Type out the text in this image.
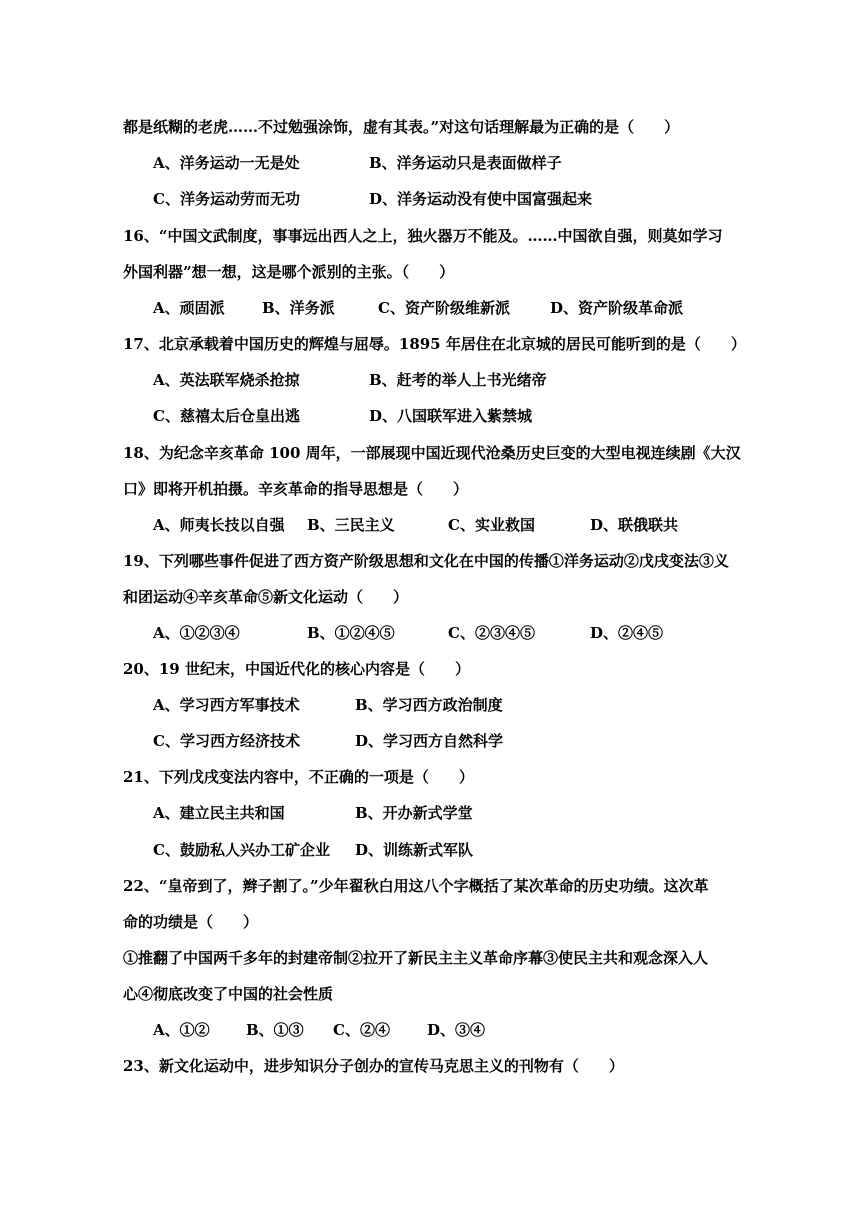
都是纸糊的老虎……不过勉强涂饰，虚有其表。”对这句话理解最为正确的是（　　）
A、洋务运动一无是处	B、洋务运动只是表面做样子
C、洋务运动劳而无功	D、洋务运动没有使中国富强起来
16、“中国文武制度，事事远出西人之上，独火器万不能及。……中国欲自强，则莫如学习
外国利器”想一想，这是哪个派别的主张。（　　）
A、顽固派 B、洋务派	C、资产阶级维新派	D、资产阶级革命派
17、北京承载着中国历史的辉煌与屈辱。1895 年居住在北京城的居民可能听到的是（　　）
A、英法联军烧杀抢掠	B、赶考的举人上书光绪帝
C、慈禧太后仓皇出逃	D、八国联军进入紫禁城
18、为纪念辛亥革命 100 周年，一部展现中国近现代沧桑历史巨变的大型电视连续剧《大汉
口》即将开机拍摄。辛亥革命的指导思想是（　　）
A、师夷长技以自强 B、三民主义	C、实业救国	D、联俄联共
19、下列哪些事件促进了西方资产阶级思想和文化在中国的传播①洋务运动②戊戌变法③义
和团运动④辛亥革命⑤新文化运动（　　）
A、①②③④	B、①②④⑤	C、②③④⑤	D、②④⑤
20、19 世纪末，中国近代化的核心内容是（　　）
A、学习西方军事技术	B、学习西方政治制度
C、学习西方经济技术	D、学习西方自然科学
21、下列戊戌变法内容中，不正确的一项是（　　）
A、建立民主共和国	B、开办新式学堂
C、鼓励私人兴办工矿企业 D、训练新式军队
22、“皇帝到了，辫子割了。”少年翟秋白用这八个字概括了某次革命的历史功绩。这次革
命的功绩是（　　）
①推翻了中国两千多年的封建帝制②拉开了新民主主义革命序幕③使民主共和观念深入人
心④彻底改变了中国的社会性质
A、①② B、①③ C、②④ D、③④
23、新文化运动中，进步知识分子创办的宣传马克思主义的刊物有（　　）
